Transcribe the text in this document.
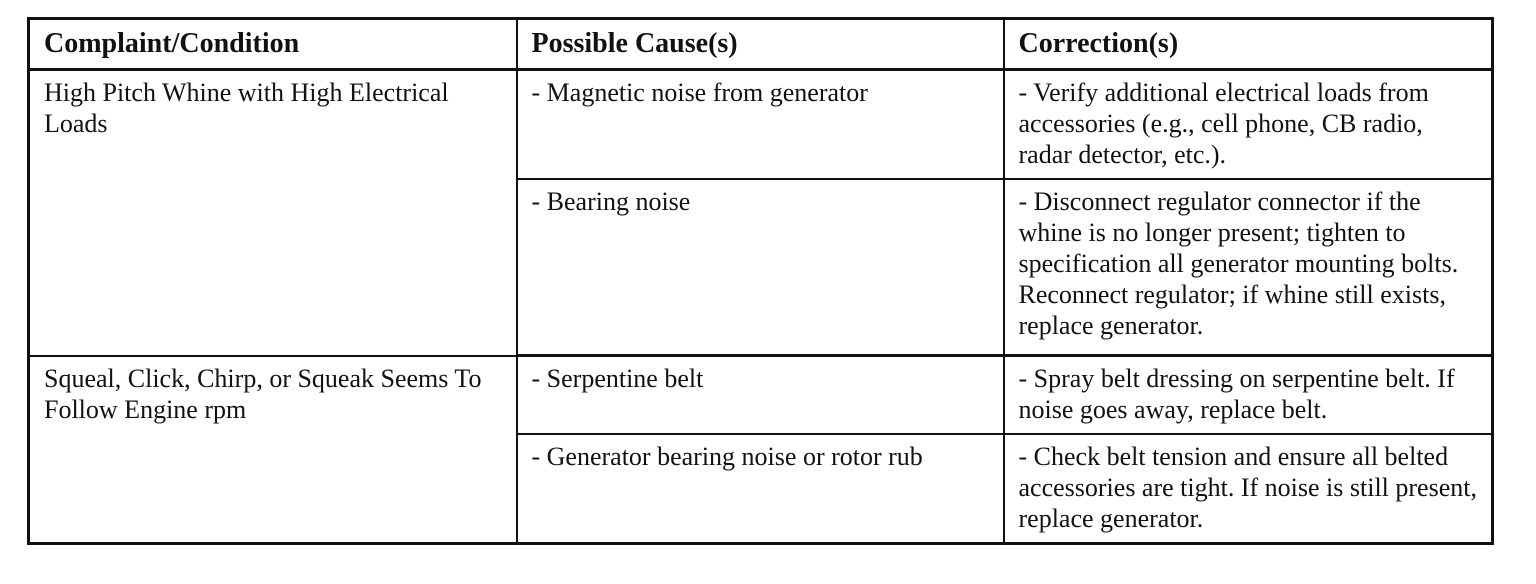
Complaint/Condition	Possible Cause(s)	Correction(s)
High Pitch Whine with High Electrical Loads	- Magnetic noise from generator	- Verify additional electrical loads from accessories (e.g., cell phone, CB radio, radar detector, etc.).
	- Bearing noise	- Disconnect regulator connector if the whine is no longer present; tighten to specification all generator mounting bolts. Reconnect regulator; if whine still exists, replace generator.
Squeal, Click, Chirp, or Squeak Seems To Follow Engine rpm	- Serpentine belt	- Spray belt dressing on serpentine belt. If noise goes away, replace belt.
	- Generator bearing noise or rotor rub	- Check belt tension and ensure all belted accessories are tight. If noise is still present, replace generator.
